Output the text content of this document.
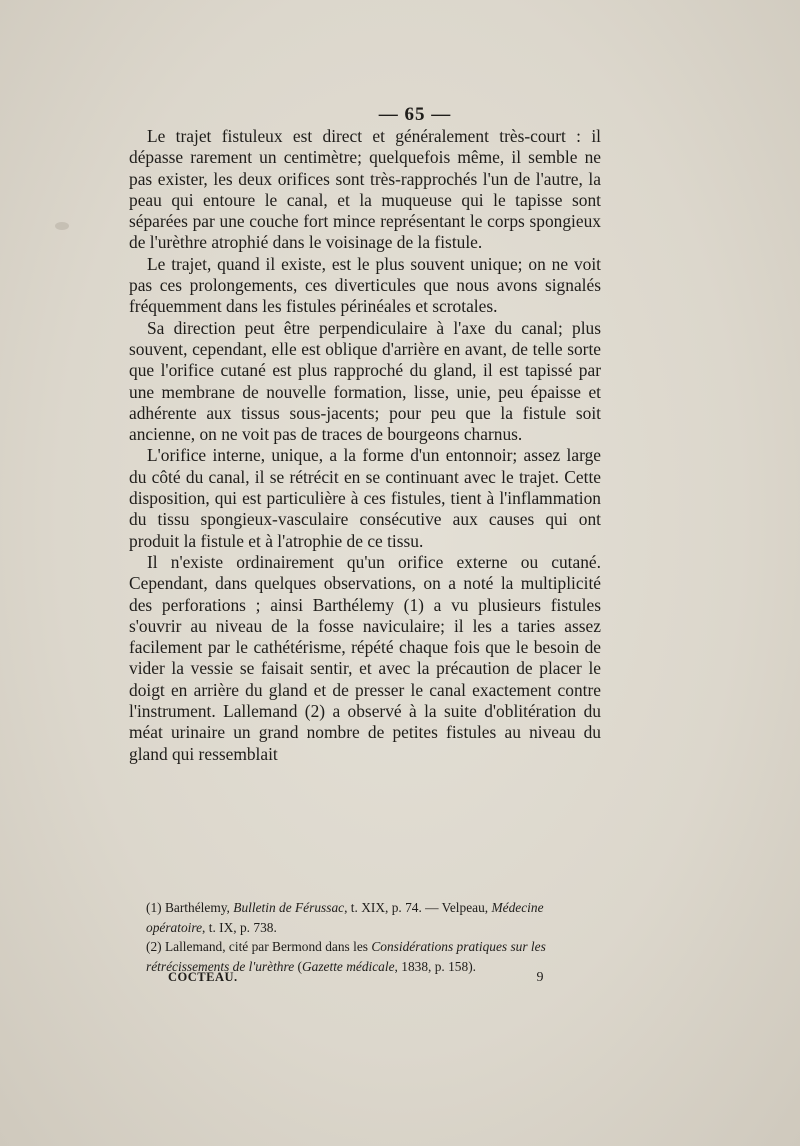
— 65 —

Le trajet fistuleux est direct et généralement très-court : il dépasse rarement un centimètre; quelquefois même, il semble ne pas exister, les deux orifices sont très-rapprochés l'un de l'autre, la peau qui entoure le canal, et la muqueuse qui le tapisse sont séparées par une couche fort mince représentant le corps spongieux de l'urèthre atrophié dans le voisinage de la fistule.

Le trajet, quand il existe, est le plus souvent unique; on ne voit pas ces prolongements, ces diverticules que nous avons signalés fréquemment dans les fistules périnéales et scrotales.

Sa direction peut être perpendiculaire à l'axe du canal; plus souvent, cependant, elle est oblique d'arrière en avant, de telle sorte que l'orifice cutané est plus rapproché du gland, il est tapissé par une membrane de nouvelle formation, lisse, unie, peu épaisse et adhérente aux tissus sous-jacents; pour peu que la fistule soit ancienne, on ne voit pas de traces de bourgeons charnus.

L'orifice interne, unique, a la forme d'un entonnoir; assez large du côté du canal, il se rétrécit en se continuant avec le trajet. Cette disposition, qui est particulière à ces fistules, tient à l'inflammation du tissu spongieux-vasculaire consécutive aux causes qui ont produit la fistule et à l'atrophie de ce tissu.

Il n'existe ordinairement qu'un orifice externe ou cutané. Cependant, dans quelques observations, on a noté la multiplicité des perforations ; ainsi Barthélemy (1) a vu plusieurs fistules s'ouvrir au niveau de la fosse naviculaire; il les a taries assez facilement par le cathétérisme, répété chaque fois que le besoin de vider la vessie se faisait sentir, et avec la précaution de placer le doigt en arrière du gland et de presser le canal exactement contre l'instrument. Lallemand (2) a observé à la suite d'oblitération du méat urinaire un grand nombre de petites fistules au niveau du gland qui ressemblait

(1) Barthélemy, Bulletin de Férussac, t. XIX, p. 74. — Velpeau, Médecine opératoire, t. IX, p. 738.

(2) Lallemand, cité par Bermond dans les Considérations pratiques sur les rétrécissements de l'urèthre (Gazette médicale, 1838, p. 158).

COCTEAU.	9
